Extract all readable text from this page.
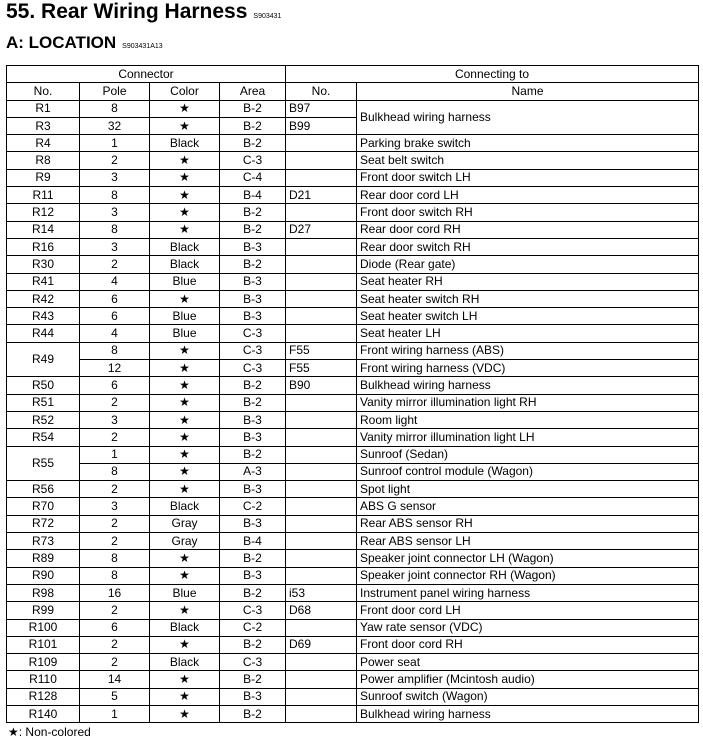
55. Rear Wiring Harness S903431
A: LOCATION S903431A13
Connector				Connecting to	
No.	Pole	Color	Area	No.	Name
R1	8	★	B-2	B97	Bulkhead wiring harness
R3	32	★	B-2	B99	
R4	1	Black	B-2		Parking brake switch
R8	2	★	C-3		Seat belt switch
R9	3	★	C-4		Front door switch LH
R11	8	★	B-4	D21	Rear door cord LH
R12	3	★	B-2		Front door switch RH
R14	8	★	B-2	D27	Rear door cord RH
R16	3	Black	B-3		Rear door switch RH
R30	2	Black	B-2		Diode (Rear gate)
R41	4	Blue	B-3		Seat heater RH
R42	6	★	B-3		Seat heater switch RH
R43	6	Blue	B-3		Seat heater switch LH
R44	4	Blue	C-3		Seat heater LH
R49	8	★	C-3	F55	Front wiring harness (ABS)
	12	★	C-3	F55	Front wiring harness (VDC)
R50	6	★	B-2	B90	Bulkhead wiring harness
R51	2	★	B-2		Vanity mirror illumination light RH
R52	3	★	B-3		Room light
R54	2	★	B-3		Vanity mirror illumination light LH
R55	1	★	B-2		Sunroof (Sedan)
	8	★	A-3		Sunroof control module (Wagon)
R56	2	★	B-3		Spot light
R70	3	Black	C-2		ABS G sensor
R72	2	Gray	B-3		Rear ABS sensor RH
R73	2	Gray	B-4		Rear ABS sensor LH
R89	8	★	B-2		Speaker joint connector LH (Wagon)
R90	8	★	B-3		Speaker joint connector RH (Wagon)
R98	16	Blue	B-2	i53	Instrument panel wiring harness
R99	2	★	C-3	D68	Front door cord LH
R100	6	Black	C-2		Yaw rate sensor (VDC)
R101	2	★	B-2	D69	Front door cord RH
R109	2	Black	C-3		Power seat
R110	14	★	B-2		Power amplifier (Mcintosh audio)
R128	5	★	B-3		Sunroof switch (Wagon)
R140	1	★	B-2		Bulkhead wiring harness
★: Non-colored
